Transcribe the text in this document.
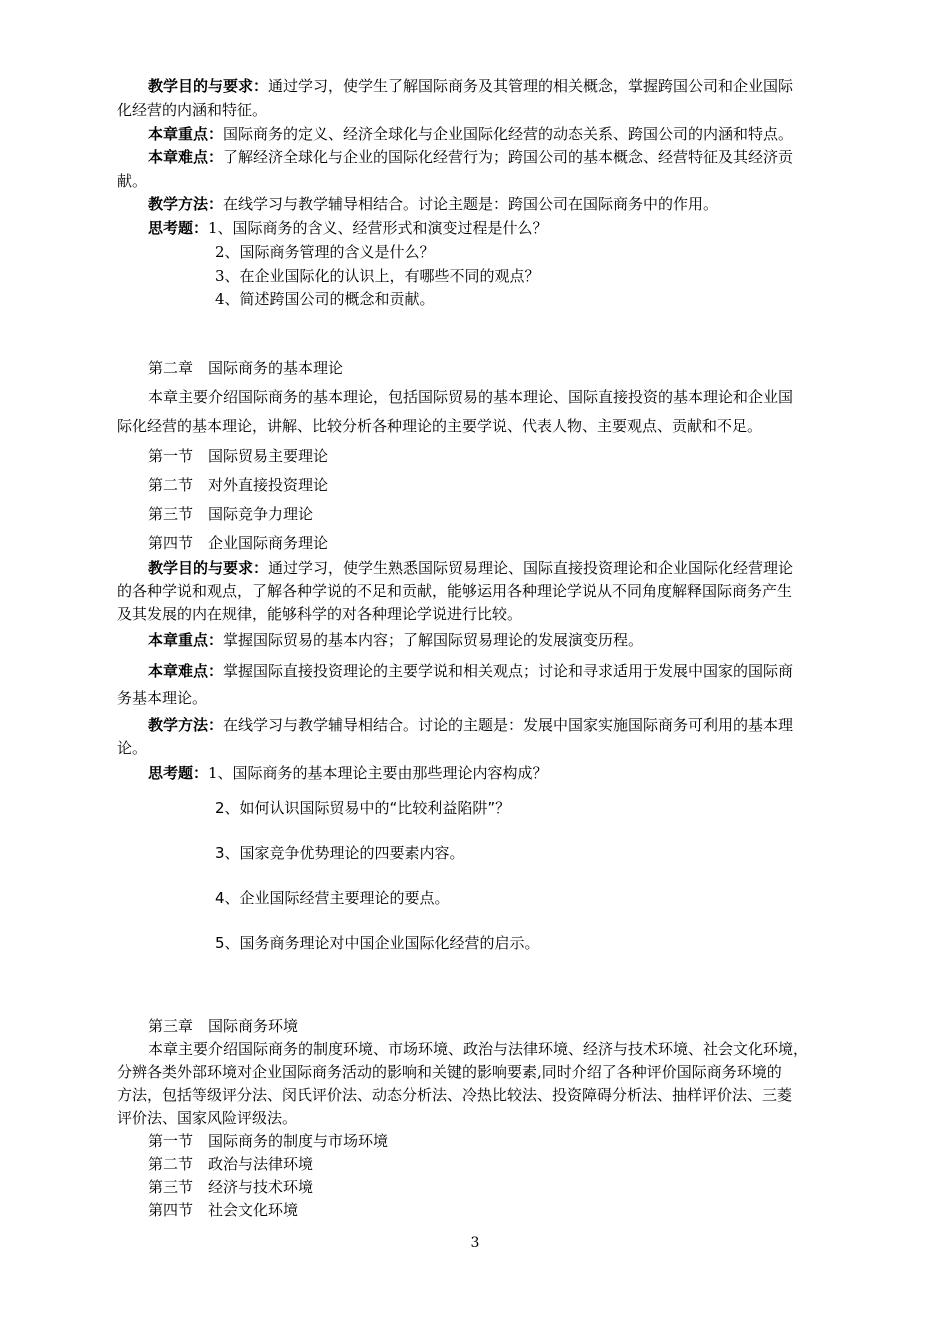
教学目的与要求：通过学习，使学生了解国际商务及其管理的相关概念，掌握跨国公司和企业国际
化经营的内涵和特征。
本章重点：国际商务的定义、经济全球化与企业国际化经营的动态关系、跨国公司的内涵和特点。
本章难点：了解经济全球化与企业的国际化经营行为；跨国公司的基本概念、经营特征及其经济贡
献。
教学方法：在线学习与教学辅导相结合。讨论主题是：跨国公司在国际商务中的作用。
思考题：1、国际商务的含义、经营形式和演变过程是什么？
2、国际商务管理的含义是什么？
3、在企业国际化的认识上，有哪些不同的观点？
4、简述跨国公司的概念和贡献。
第二章　国际商务的基本理论
本章主要介绍国际商务的基本理论，包括国际贸易的基本理论、国际直接投资的基本理论和企业国
际化经营的基本理论，讲解、比较分析各种理论的主要学说、代表人物、主要观点、贡献和不足。
第一节　国际贸易主要理论
第二节　对外直接投资理论
第三节　国际竞争力理论
第四节　企业国际商务理论
教学目的与要求：通过学习，使学生熟悉国际贸易理论、国际直接投资理论和企业国际化经营理论
的各种学说和观点，了解各种学说的不足和贡献，能够运用各种理论学说从不同角度解释国际商务产生
及其发展的内在规律，能够科学的对各种理论学说进行比较。
本章重点：掌握国际贸易的基本内容；了解国际贸易理论的发展演变历程。
本章难点：掌握国际直接投资理论的主要学说和相关观点；讨论和寻求适用于发展中国家的国际商
务基本理论。
教学方法：在线学习与教学辅导相结合。讨论的主题是：发展中国家实施国际商务可利用的基本理
论。
思考题：1、国际商务的基本理论主要由那些理论内容构成？
2、如何认识国际贸易中的“比较利益陷阱”？
3、国家竞争优势理论的四要素内容。
4、企业国际经营主要理论的要点。
5、国务商务理论对中国企业国际化经营的启示。
第三章　国际商务环境
本章主要介绍国际商务的制度环境、市场环境、政治与法律环境、经济与技术环境、社会文化环境，
分辨各类外部环境对企业国际商务活动的影响和关键的影响要素,同时介绍了各种评价国际商务环境的
方法，包括等级评分法、闵氏评价法、动态分析法、冷热比较法、投资障碍分析法、抽样评价法、三菱
评价法、国家风险评级法。
第一节　国际商务的制度与市场环境
第二节　政治与法律环境
第三节　经济与技术环境
第四节　社会文化环境
3
